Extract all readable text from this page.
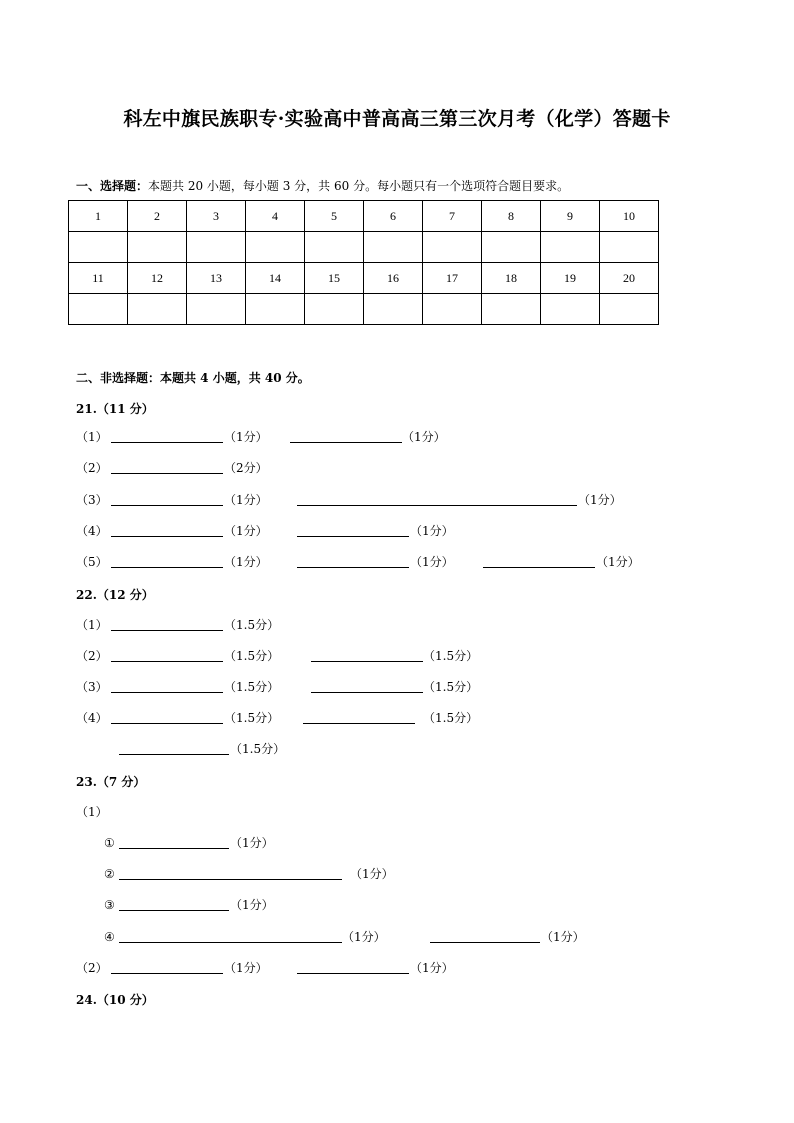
科左中旗民族职专·实验高中普高高三第三次月考（化学）答题卡
一、选择题：本题共 20 小题，每小题 3 分，共 60 分。每小题只有一个选项符合题目要求。
1	2	3	4	5	6	7	8	9	10

11	12	13	14	15	16	17	18	19	20

二、非选择题：本题共 4 小题，共 40 分。
21.（11 分）
（1）	（1分）	（1分）
（2）	（2分）
（3）	（1分）	（1分）
（4）	（1分）	（1分）
（5）	（1分）	（1分）	（1分）
22.（12 分）
（1）	（1.5分）
（2）	（1.5分）	（1.5分）
（3）	（1.5分）	（1.5分）
（4）	（1.5分）	（1.5分）
（1.5分）
23.（7 分）
（1）
①	（1分）
②	（1分）
③	（1分）
④	（1分）	（1分）
（2）	（1分）	（1分）
24.（10 分）
